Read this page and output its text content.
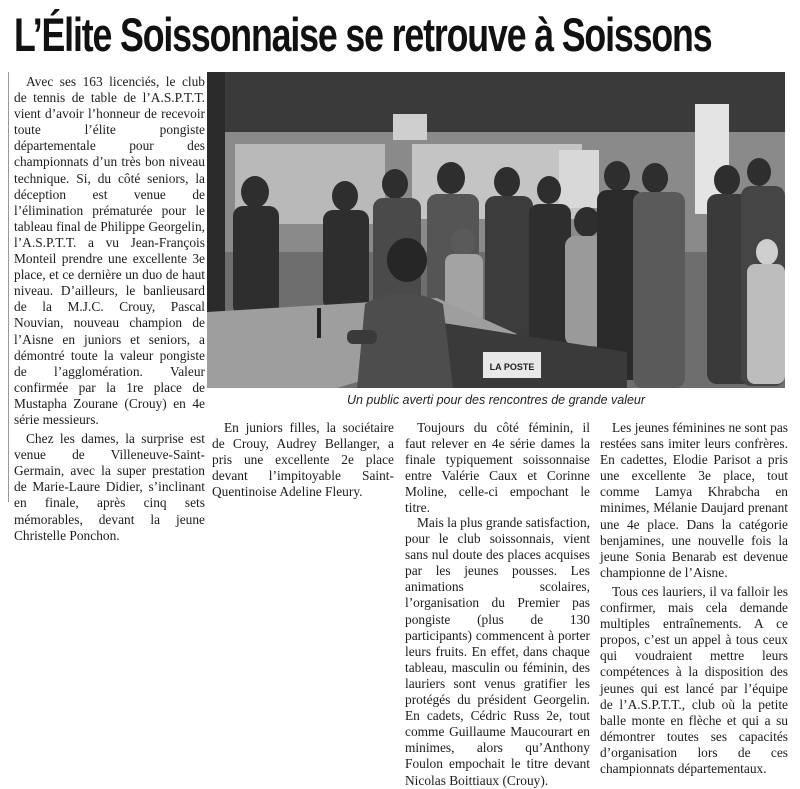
L’Élite Soissonnaise se retrouve à Soissons

Avec ses 163 licenciés, le club de tennis de table de l’A.S.P.T.T. vient d’avoir l’honneur de recevoir toute l’élite pongiste départementale pour des championnats d’un très bon niveau technique. Si, du côté seniors, la déception est venue de l’élimination prématurée pour le tableau final de Philippe Georgelin, l’A.S.P.T.T. a vu Jean-François Monteil prendre une excellente 3e place, et ce dernière un duo de haut niveau. D’ailleurs, le banlieusard de la M.J.C. Crouy, Pascal Nouvian, nouveau champion de l’Aisne en juniors et seniors, a démontré toute la valeur pongiste de l’agglomération. Valeur confirmée par la 1re place de Mustapha Zourane (Crouy) en 4e série messieurs.

Chez les dames, la surprise est venue de Villeneuve-Saint-Germain, avec la super prestation de Marie-Laure Didier, s’inclinant en finale, après cinq sets mémorables, devant la jeune Christelle Ponchon.

LA POSTE
Un public averti pour des rencontres de grande valeur

En juniors filles, la sociétaire de Crouy, Audrey Bellanger, a pris une excellente 2e place devant l’impitoyable Saint-Quentinoise Adeline Fleury.

Toujours du côté féminin, il faut relever en 4e série dames la finale typiquement soissonnaise entre Valérie Caux et Corinne Moline, celle-ci empochant le titre.

Mais la plus grande satisfaction, pour le club soissonnais, vient sans nul doute des places acquises par les jeunes pousses. Les animations scolaires, l’organisation du Premier pas pongiste (plus de 130 participants) commencent à porter leurs fruits. En effet, dans chaque tableau, masculin ou féminin, des lauriers sont venus gratifier les protégés du président Georgelin. En cadets, Cédric Russ 2e, tout comme Guillaume Maucourart en minimes, alors qu’Anthony Foulon empochait le titre devant Nicolas Boittiaux (Crouy).

Les jeunes féminines ne sont pas restées sans imiter leurs confrères. En cadettes, Elodie Parisot a pris une excellente 3e place, tout comme Lamya Khrabcha en minimes, Mélanie Daujard prenant une 4e place. Dans la catégorie benjamines, une nouvelle fois la jeune Sonia Benarab est devenue championne de l’Aisne.

Tous ces lauriers, il va falloir les confirmer, mais cela demande multiples entraînements. A ce propos, c’est un appel à tous ceux qui voudraient mettre leurs compétences à la disposition des jeunes qui est lancé par l’équipe de l’A.S.P.T.T., club où la petite balle monte en flèche et qui a su démontrer toutes ses capacités d’organisation lors de ces championnats départementaux.
